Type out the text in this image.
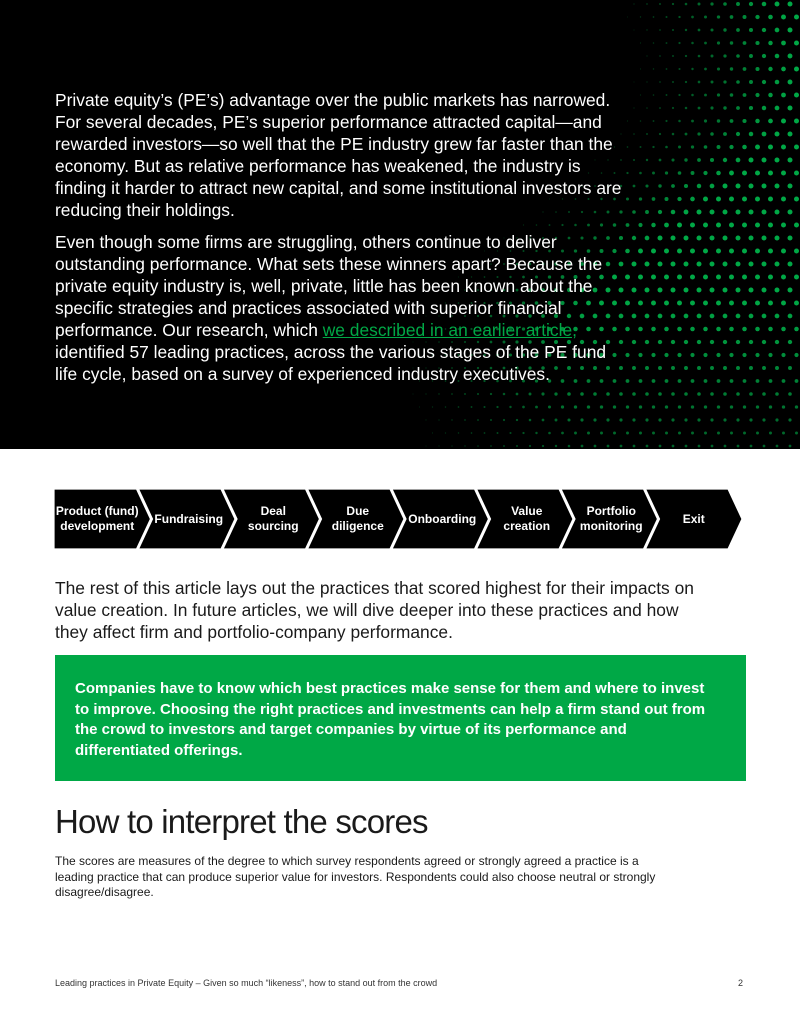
Private equity’s (PE’s) advantage over the public markets has narrowed. For several decades, PE’s superior performance attracted capital—and rewarded investors—so well that the PE industry grew far faster than the economy. But as relative performance has weakened, the industry is finding it harder to attract new capital, and some institutional investors are reducing their holdings.

Even though some firms are struggling, others continue to deliver outstanding performance. What sets these winners apart? Because the private equity industry is, well, private, little has been known about the specific strategies and practices associated with superior financial performance. Our research, which we described in an earlier article, identified 57 leading practices, across the various stages of the PE fund life cycle, based on a survey of experienced industry executives.

Product (fund)
development
Fundraising
Deal
sourcing
Due
diligence
Onboarding
Value
creation
Portfolio
monitoring
Exit

The rest of this article lays out the practices that scored highest for their impacts on value creation. In future articles, we will dive deeper into these practices and how they affect firm and portfolio-company performance.

Companies have to know which best practices make sense for them and where to invest to improve. Choosing the right practices and investments can help a firm stand out from the crowd to investors and target companies by virtue of its performance and differentiated offerings.

How to interpret the scores

The scores are measures of the degree to which survey respondents agreed or strongly agreed a practice is a leading practice that can produce superior value for investors. Respondents could also choose neutral or strongly disagree/disagree.

Leading practices in Private Equity – Given so much “likeness”, how to stand out from the crowd	2
